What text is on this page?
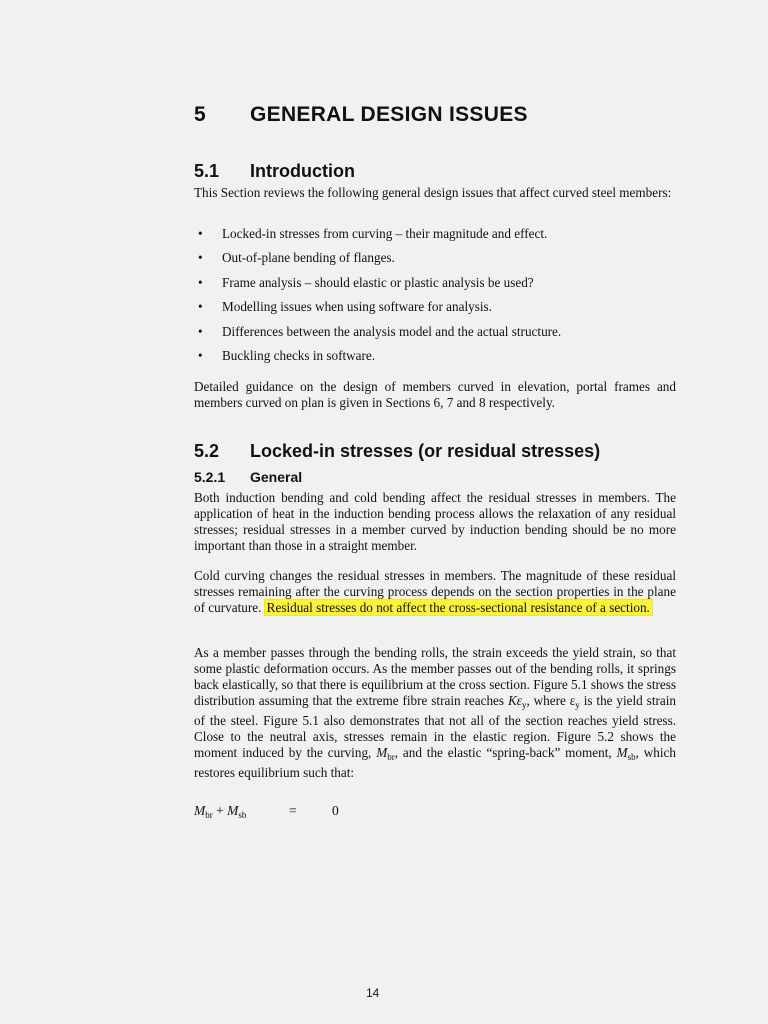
5 GENERAL DESIGN ISSUES
5.1 Introduction
This Section reviews the following general design issues that affect curved steel members:
• Locked-in stresses from curving – their magnitude and effect.
• Out-of-plane bending of flanges.
• Frame analysis – should elastic or plastic analysis be used?
• Modelling issues when using software for analysis.
• Differences between the analysis model and the actual structure.
• Buckling checks in software.
Detailed guidance on the design of members curved in elevation, portal frames and members curved on plan is given in Sections 6, 7 and 8 respectively.
5.2 Locked-in stresses (or residual stresses)
5.2.1 General
Both induction bending and cold bending affect the residual stresses in members. The application of heat in the induction bending process allows the relaxation of any residual stresses; residual stresses in a member curved by induction bending should be no more important than those in a straight member.
Cold curving changes the residual stresses in members. The magnitude of these residual stresses remaining after the curving process depends on the section properties in the plane of curvature. Residual stresses do not affect the cross-sectional resistance of a section.
As a member passes through the bending rolls, the strain exceeds the yield strain, so that some plastic deformation occurs. As the member passes out of the bending rolls, it springs back elastically, so that there is equilibrium at the cross section. Figure 5.1 shows the stress distribution assuming that the extreme fibre strain reaches $K\varepsilon_y$, where $\varepsilon_y$ is the yield strain of the steel. Figure 5.1 also demonstrates that not all of the section reaches yield stress. Close to the neutral axis, stresses remain in the elastic region. Figure 5.2 shows the moment induced by the curving, $M_{br}$, and the elastic “spring-back” moment, $M_{sb}$, which restores equilibrium such that:
$M_{br} + M_{sb}$	=	0
14
